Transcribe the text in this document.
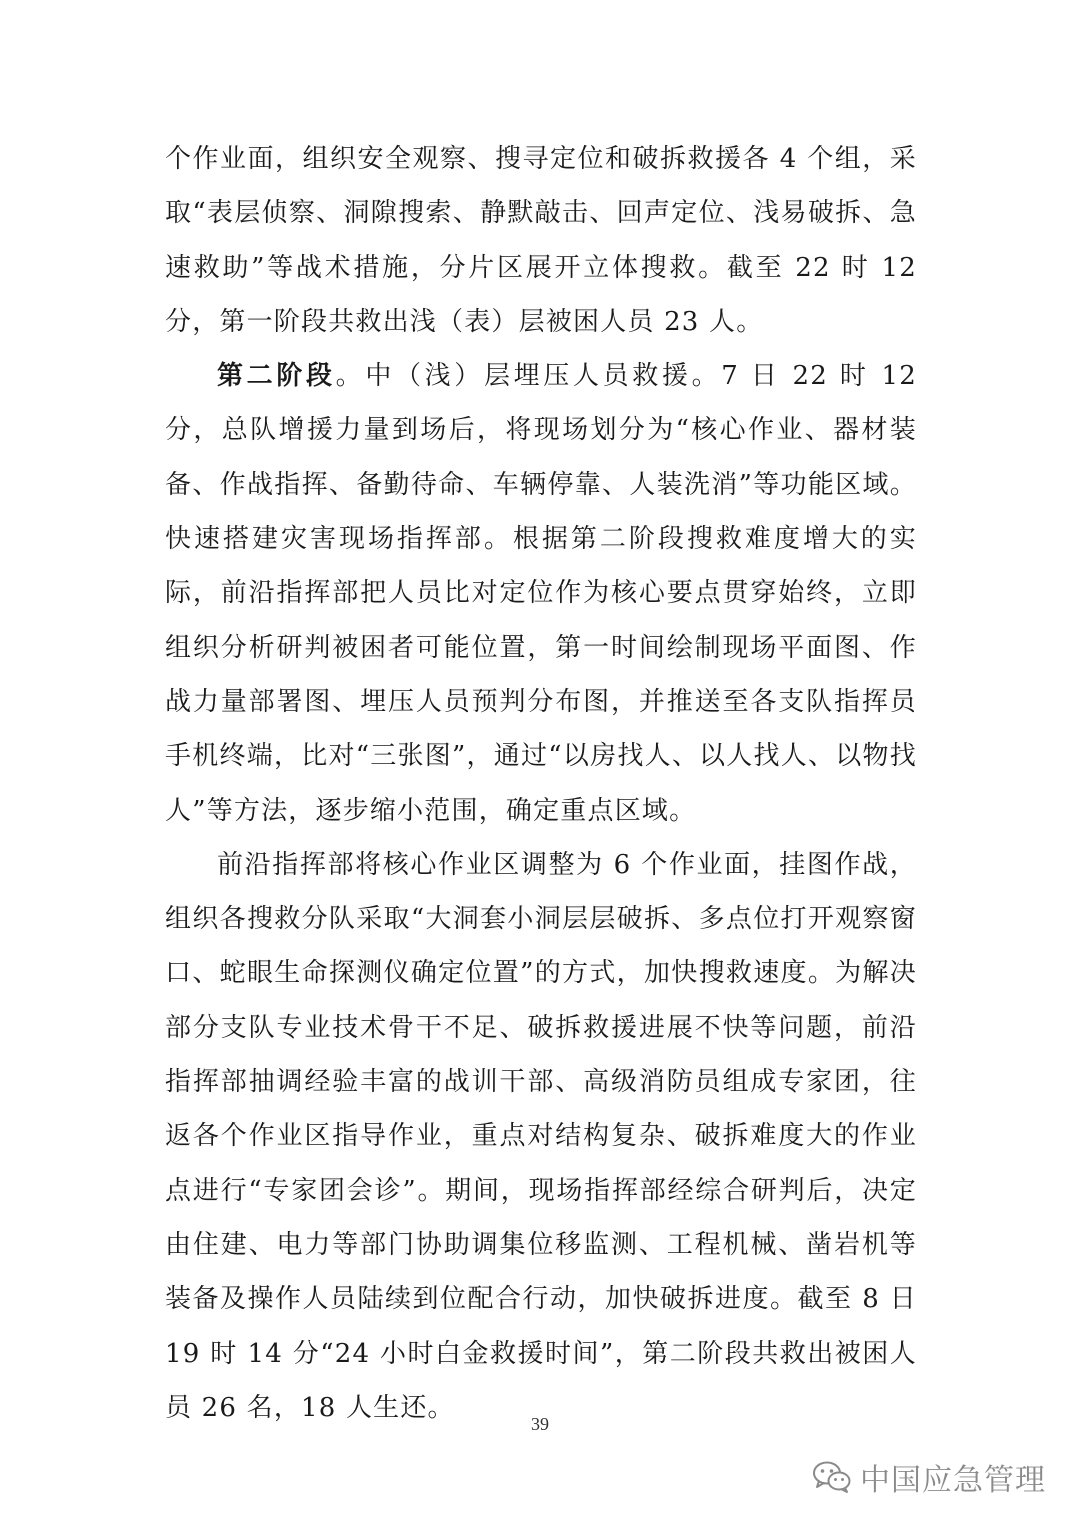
个作业面，组织安全观察、搜寻定位和破拆救援各 4 个组，采取“表层侦察、洞隙搜索、静默敲击、回声定位、浅易破拆、急速救助”等战术措施，分片区展开立体搜救。截至 22 时 12 分，第一阶段共救出浅（表）层被困人员 23 人。

第二阶段。中（浅）层埋压人员救援。7 日 22 时 12 分，总队增援力量到场后，将现场划分为“核心作业、器材装备、作战指挥、备勤待命、车辆停靠、人装洗消”等功能区域。快速搭建灾害现场指挥部。根据第二阶段搜救难度增大的实际，前沿指挥部把人员比对定位作为核心要点贯穿始终，立即组织分析研判被困者可能位置，第一时间绘制现场平面图、作战力量部署图、埋压人员预判分布图，并推送至各支队指挥员手机终端，比对“三张图”，通过“以房找人、以人找人、以物找人”等方法，逐步缩小范围，确定重点区域。

前沿指挥部将核心作业区调整为 6 个作业面，挂图作战，组织各搜救分队采取“大洞套小洞层层破拆、多点位打开观察窗口、蛇眼生命探测仪确定位置”的方式，加快搜救速度。为解决部分支队专业技术骨干不足、破拆救援进展不快等问题，前沿指挥部抽调经验丰富的战训干部、高级消防员组成专家团，往返各个作业区指导作业，重点对结构复杂、破拆难度大的作业点进行“专家团会诊”。期间，现场指挥部经综合研判后，决定由住建、电力等部门协助调集位移监测、工程机械、凿岩机等装备及操作人员陆续到位配合行动，加快破拆进度。截至 8 日 19 时 14 分“24 小时白金救援时间”，第二阶段共救出被困人员 26 名，18 人生还。

39
中国应急管理
